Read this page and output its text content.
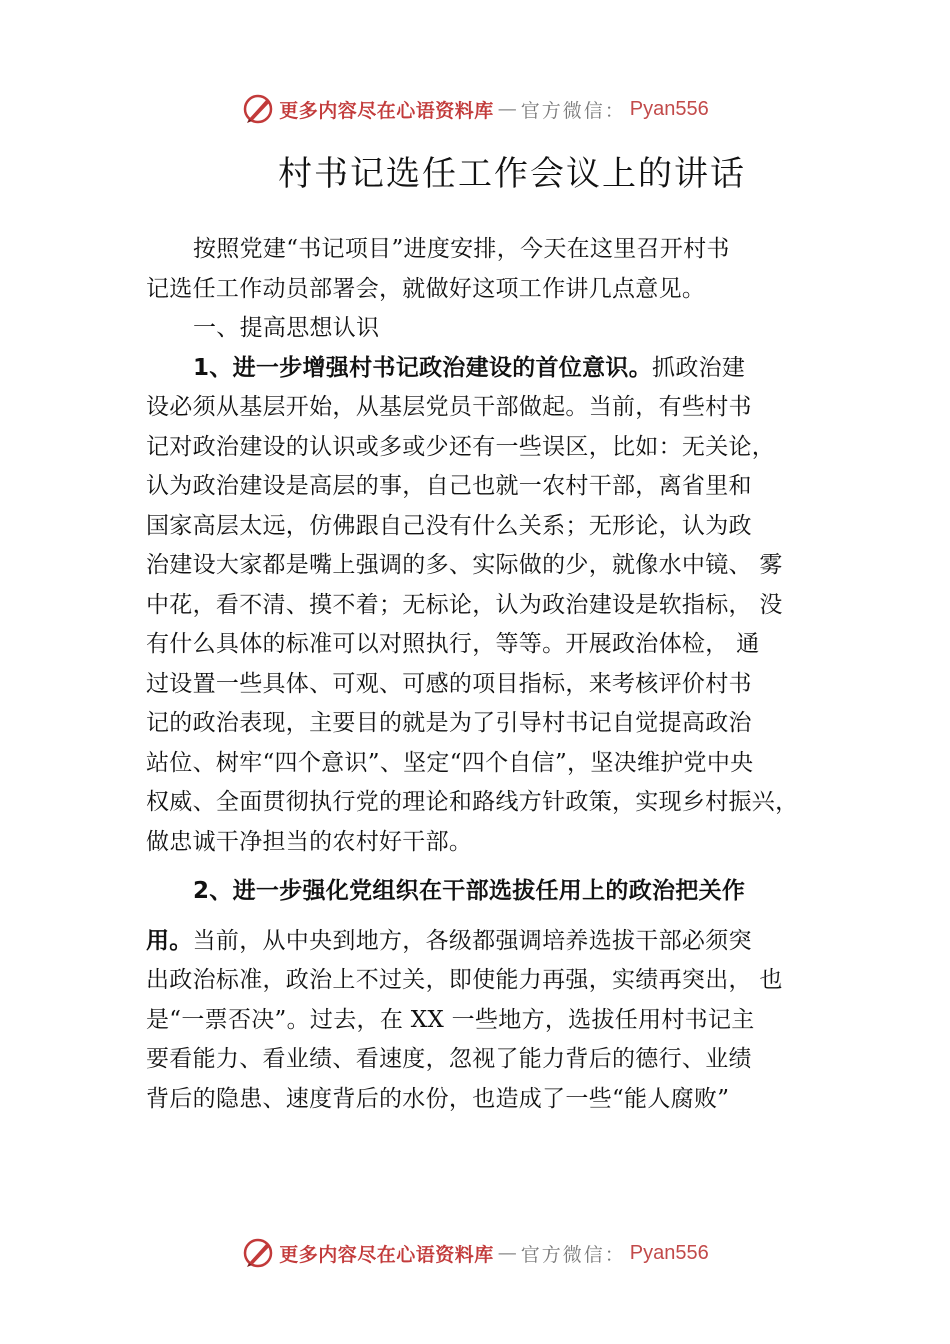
更多内容尽在心语资料库 — 官方微信： Pyan556
村书记选任工作会议上的讲话
按照党建“书记项目”进度安排，今天在这里召开村书
记选任工作动员部署会，就做好这项工作讲几点意见。
一、提高思想认识
1、进一步增强村书记政治建设的首位意识。抓政治建
设必须从基层开始，从基层党员干部做起。当前，有些村书
记对政治建设的认识或多或少还有一些误区，比如：无关论，
认为政治建设是高层的事，自己也就一农村干部，离省里和
国家高层太远，仿佛跟自己没有什么关系；无形论，认为政
治建设大家都是嘴上强调的多、实际做的少，就像水中镜、 雾
中花，看不清、摸不着；无标论，认为政治建设是软指标， 没
有什么具体的标准可以对照执行，等等。开展政治体检， 通
过设置一些具体、可观、可感的项目指标，来考核评价村书
记的政治表现，主要目的就是为了引导村书记自觉提高政治
站位、树牢“四个意识”、坚定“四个自信”，坚决维护党中央
权威、全面贯彻执行党的理论和路线方针政策，实现乡村振兴，
做忠诚干净担当的农村好干部。
2、进一步强化党组织在干部选拔任用上的政治把关作
用。当前，从中央到地方，各级都强调培养选拔干部必须突
出政治标准，政治上不过关，即使能力再强，实绩再突出， 也
是“一票否决”。过去，在 XX 一些地方，选拔任用村书记主
要看能力、看业绩、看速度，忽视了能力背后的德行、业绩
背后的隐患、速度背后的水份，也造成了一些“能人腐败”
更多内容尽在心语资料库 — 官方微信： Pyan556
